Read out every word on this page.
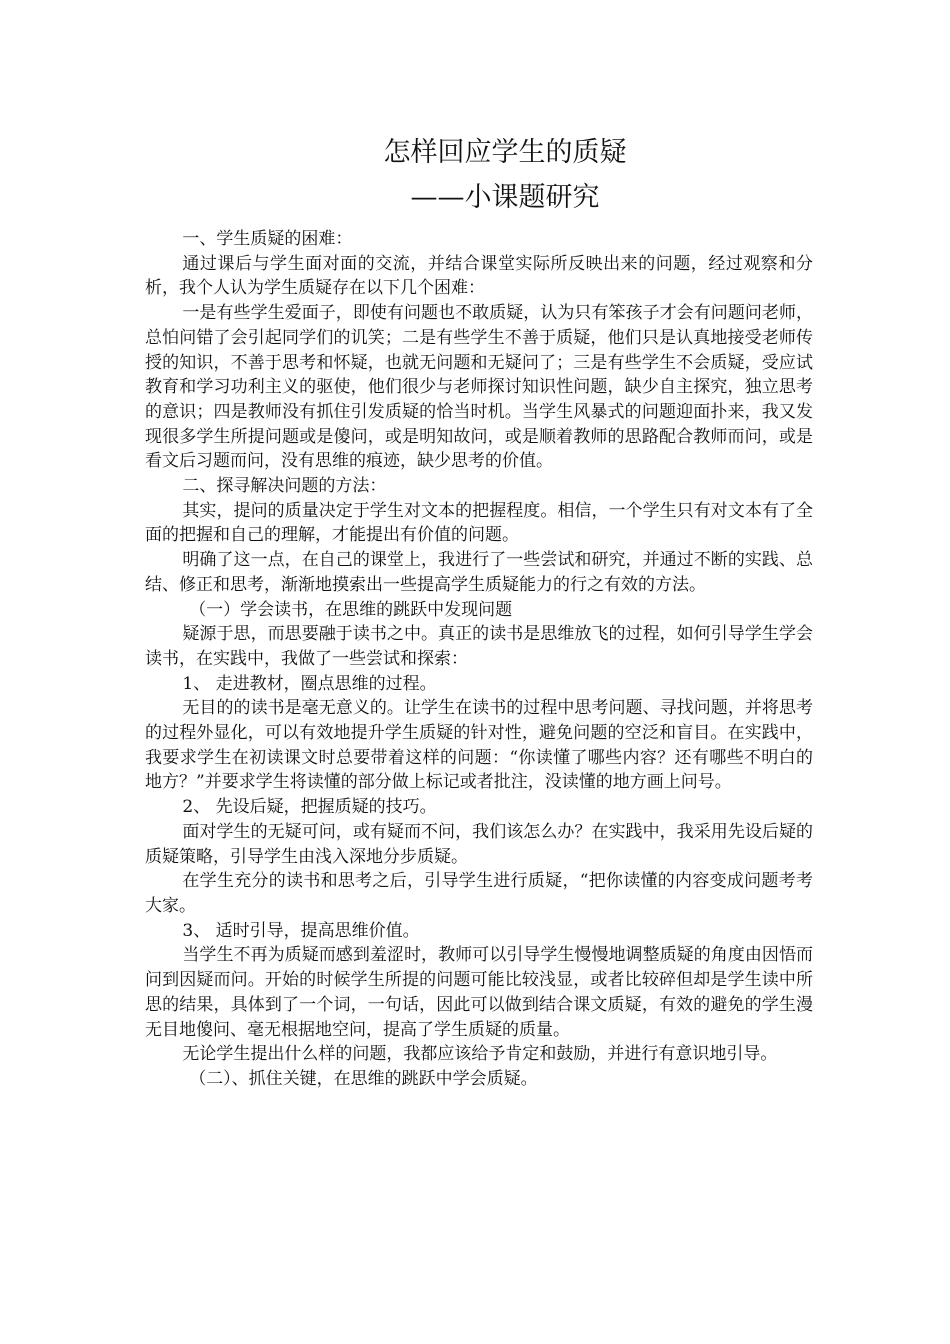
怎样回应学生的质疑
——小课题研究

一、学生质疑的困难：

通过课后与学生面对面的交流，并结合课堂实际所反映出来的问题，经过观察和分析，我个人认为学生质疑存在以下几个困难：

一是有些学生爱面子，即使有问题也不敢质疑，认为只有笨孩子才会有问题问老师，总怕问错了会引起同学们的讥笑；二是有些学生不善于质疑，他们只是认真地接受老师传授的知识，不善于思考和怀疑，也就无问题和无疑问了；三是有些学生不会质疑，受应试教育和学习功利主义的驱使，他们很少与老师探讨知识性问题，缺少自主探究，独立思考的意识；四是教师没有抓住引发质疑的恰当时机。当学生风暴式的问题迎面扑来，我又发现很多学生所提问题或是傻问，或是明知故问，或是顺着教师的思路配合教师而问，或是看文后习题而问，没有思维的痕迹，缺少思考的价值。

二、探寻解决问题的方法：

其实，提问的质量决定于学生对文本的把握程度。相信，一个学生只有对文本有了全面的把握和自己的理解，才能提出有价值的问题。

明确了这一点，在自己的课堂上，我进行了一些尝试和研究，并通过不断的实践、总结、修正和思考，渐渐地摸索出一些提高学生质疑能力的行之有效的方法。

（一）学会读书，在思维的跳跃中发现问题

疑源于思，而思要融于读书之中。真正的读书是思维放飞的过程，如何引导学生学会读书，在实践中，我做了一些尝试和探索：

1、 走进教材，圈点思维的过程。

无目的的读书是毫无意义的。让学生在读书的过程中思考问题、寻找问题，并将思考的过程外显化，可以有效地提升学生质疑的针对性，避免问题的空泛和盲目。在实践中，我要求学生在初读课文时总要带着这样的问题：“你读懂了哪些内容？还有哪些不明白的地方？”并要求学生将读懂的部分做上标记或者批注，没读懂的地方画上问号。

2、 先设后疑，把握质疑的技巧。

面对学生的无疑可问，或有疑而不问，我们该怎么办？在实践中，我采用先设后疑的质疑策略，引导学生由浅入深地分步质疑。

在学生充分的读书和思考之后，引导学生进行质疑，“把你读懂的内容变成问题考考大家。

3、 适时引导，提高思维价值。

当学生不再为质疑而感到羞涩时，教师可以引导学生慢慢地调整质疑的角度由因悟而问到因疑而问。开始的时候学生所提的问题可能比较浅显，或者比较碎但却是学生读中所思的结果，具体到了一个词，一句话，因此可以做到结合课文质疑，有效的避免的学生漫无目地傻问、毫无根据地空问，提高了学生质疑的质量。

无论学生提出什么样的问题，我都应该给予肯定和鼓励，并进行有意识地引导。

（二）、抓住关键，在思维的跳跃中学会质疑。
